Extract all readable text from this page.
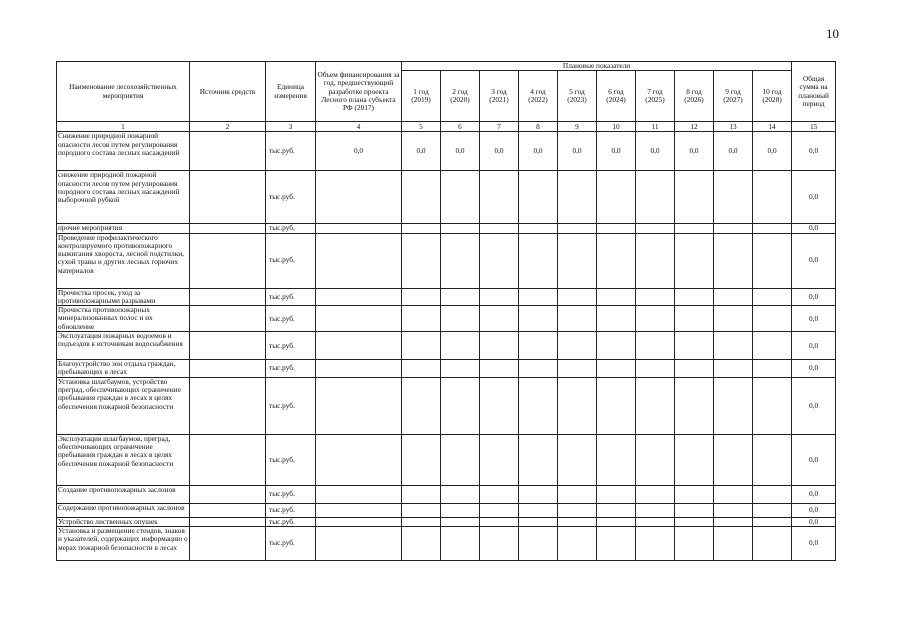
10
Наименование лесохозяйственных мероприятия	Источник средств	Единица измерения	Объем финансирования за год, предшествующий разработке проекта Лесного плана субъекта РФ (2017)	Плановые показатели										Общая сумма на плановый период
				1 год (2019)	2 год (2020)	3 год (2021)	4 год (2022)	5 год (2023)	6 год (2024)	7 год (2025)	8 год (2026)	9 год (2027)	10 год (2028)	
1	2	3	4	5	6	7	8	9	10	11	12	13	14	15
Снижение природной пожарной опасности лесов путем регулирования породного состава лесных насаждений		тыс.руб.	0,0	0,0	0,0	0,0	0,0	0,0	0,0	0,0	0,0	0,0	0,0	0,0
снижение природной пожарной опасности лесов путем регулирования породного состава лесных насаждений выборочной рубкой		тыс.руб.												0,0
прочие мероприятия		тыс.руб.												0,0
Проведение профилактического контролируемого противопожарного выжигания хвороста, лесной подстилки, сухой травы и других лесных горючих материалов		тыс.руб.												0,0
Прочистка просек, уход за противопожарными разрывами		тыс.руб.												0,0
Прочистка противопожарных минерализованных полос и их обновление		тыс.руб.												0,0
Эксплуатация пожарных водоемов и подъездов к источникам водоснабжения		тыс.руб.												0,0
Благоустройство зон отдыха граждан, пребывающих в лесах		тыс.руб.												0,0
Установка шлагбаумов, устройство преград, обеспечивающих ограничение пребывания граждан в лесах в целях обеспечения пожарной безопасности		тыс.руб.												0,0
Эксплуатация шлагбаумов, преград, обеспечивающих ограничение пребывания граждан в лесах в целях обеспечения пожарной безопасности		тыс.руб.												0,0
Создание противопожарных заслонов		тыс.руб.												0,0
Содержание противопожарных заслонов		тыс.руб.												0,0
Устройство лиственных опушек		тыс.руб.												0,0
Установка и размещение стендов, знаков и указателей, содержащих информацию о мерах пожарной безопасности в лесах		тыс.руб.												0,0
